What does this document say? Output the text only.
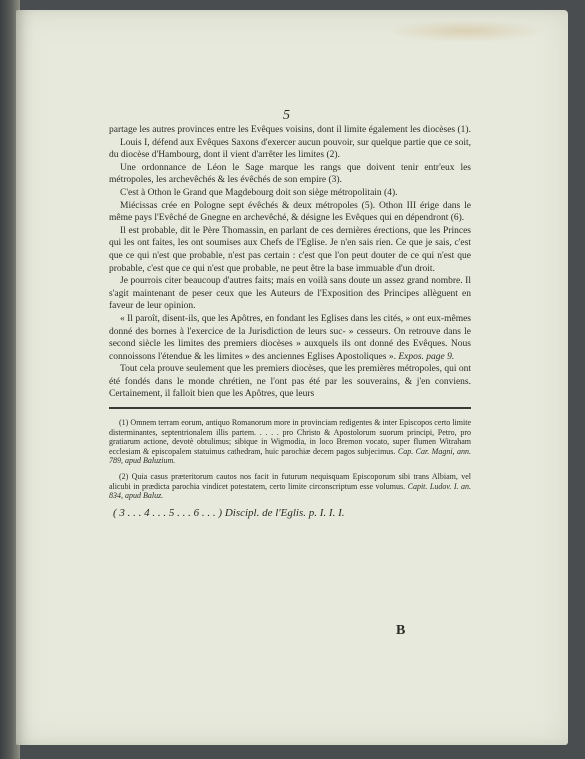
5

partage les autres provinces entre les Evêques voisins, dont il limite également les diocèses (1).

Louis I, défend aux Evêques Saxons d'exercer aucun pouvoir, sur quelque partie que ce soit, du diocèse d'Hambourg, dont il vient d'arrêter les limites (2).

Une ordonnance de Léon le Sage marque les rangs que doivent tenir entr'eux les métropoles, les archevêchés & les évêchés de son empire (3).

C'est à Othon le Grand que Magdebourg doit son siège métropolitain (4).

Miécissas crée en Pologne sept évêchés & deux métropoles (5). Othon III érige dans le même pays l'Evêché de Gnegne en archevêché, & désigne les Evêques qui en dépendront (6).

Il est probable, dit le Père Thomassin, en parlant de ces dernières érections, que les Princes qui les ont faites, les ont soumises aux Chefs de l'Eglise. Je n'en sais rien. Ce que je sais, c'est que ce qui n'est que probable, n'est pas certain : c'est que l'on peut douter de ce qui n'est que probable, c'est que ce qui n'est que probable, ne peut être la base immuable d'un droit.

Je pourrois citer beaucoup d'autres faits; mais en voilà sans doute un assez grand nombre. Il s'agit maintenant de peser ceux que les Auteurs de l'Exposition des Principes allèguent en faveur de leur opinion.

« Il paroît, disent-ils, que les Apôtres, en fondant les Eglises dans les cités, » ont eux-mêmes donné des bornes à l'exercice de la Jurisdiction de leurs suc- » cesseurs. On retrouve dans le second siècle les limites des premiers diocèses » auxquels ils ont donné des Evêques. Nous connoissons l'étendue & les limites » des anciennes Eglises Apostoliques ». Expos. page 9.

Tout cela prouve seulement que les premiers diocèses, que les premières métropoles, qui ont été fondés dans le monde chrétien, ne l'ont pas été par les souverains, & j'en conviens. Certainement, il falloit bien que les Apôtres, que leurs

(1) Omnem terram eorum, antiquo Romanorum more in provinciam redigentes & inter Episcopos certo limite disterminantes, septentrionalem illis partem. . . . . pro Christo & Apostolorum suorum principi, Petro, pro gratiarum actione, devotè obtulimus; sibique in Wigmodia, in loco Bremon vocato, super flumen Witraham ecclesiam & episcopalem statuimus cathedram, huic parochiæ decem pagos subjecimus. Cap. Car. Magni, ann. 789, apud Baluzium.

(2) Quia casus præteritorum cautos nos facit in futurum nequisquam Episcoporum sibi trans Albiam, vel alicubi in prædicta parochia vindicet potestatem, certo limite circonscriptum esse volumus. Capit. Ludov. I. an. 834, apud Baluz.

( 3 . . . 4 . . . 5 . . . 6 . . . ) Discipl. de l'Eglis. p. I. I. I.
B
